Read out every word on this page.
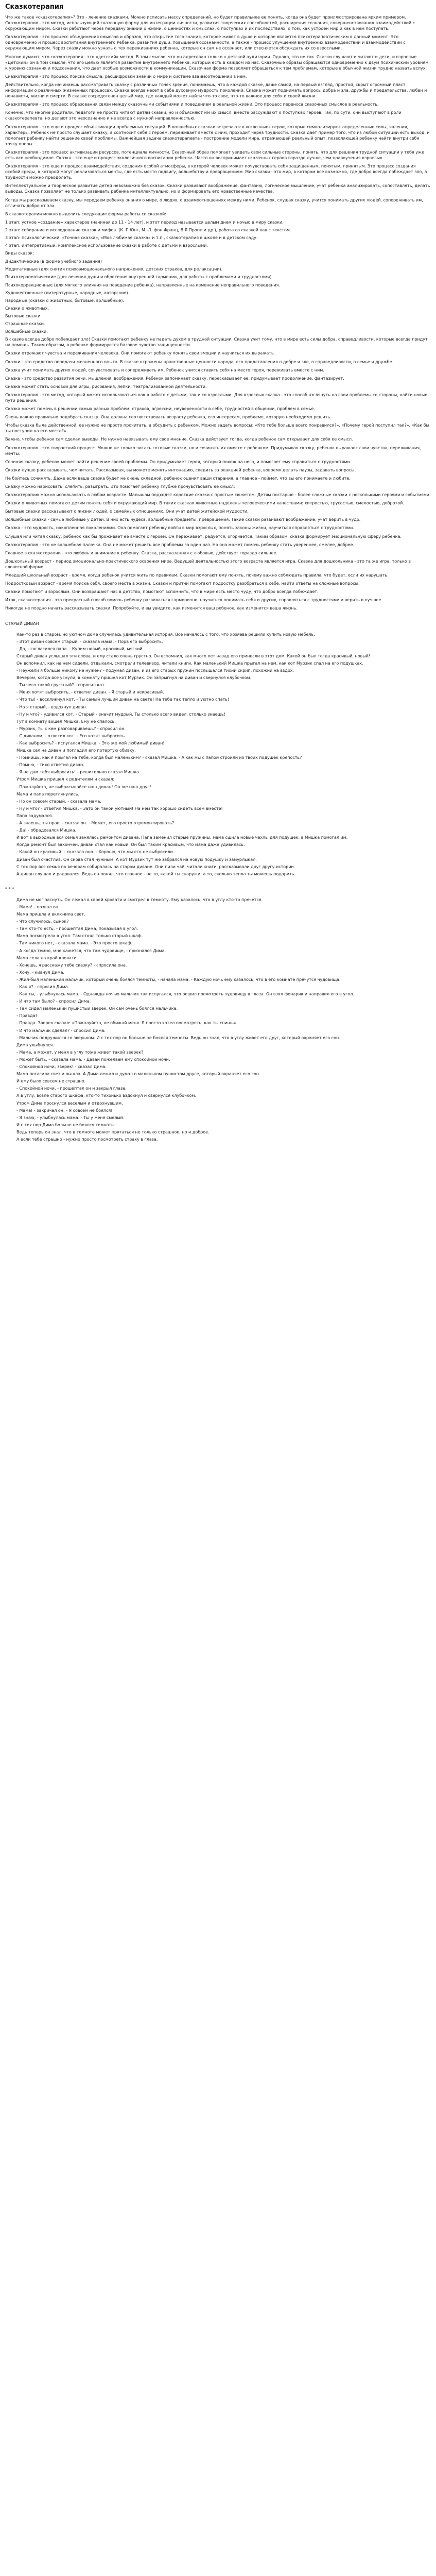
Сказкотерапия

Что же такое «сказкотерапия»? Это - лечение сказками. Можно исписать массу определений, но будет правильнее ее понять, когда она будет проиллюстрирована ярким примером. Сказкотерапия - это метод, использующий сказочную форму для интеграции личности, развития творческих способностей, расширения сознания, совершенствования взаимодействий с окружающим миром. Сказки работают через передачу знаний о жизни, о ценностях и смыслах, о поступках и их последствиях, о том, как устроен мир и как в нем поступать.

Сказкотерапия - это процесс объединения смыслов и образов, это открытие того знания, которое живет в душе и которое является психотерапевтическим в данный момент. Это одновременно и процесс воспитания внутреннего Ребенка, развития души, повышения осознанности, а также - процесс улучшения внутренних взаимодействий и взаимодействий с окружающим миром. Через сказку можно узнать о тех переживаниях ребенка, которые он сам не осознает, или стесняется обсуждать их со взрослыми.

Многие думают, что сказкотерапия - это «детский» метод. В том смысле, что он адресован только к детской аудитории. Однако, это не так. Сказки слушают и читают и дети, и взрослые. «Детский» он в том смысле, что его целью является развитие внутреннего Ребенка, который есть в каждом из нас. Сказочные образы обращаются одновременно к двум психическим уровням: к уровню сознания и подсознания, что дает особые возможности в коммуникации. Сказочная форма позволяет обращаться к тем проблемам, которые в обычной жизни трудно назвать вслух.

Сказкотерапия - это процесс поиска смысла, расшифровки знаний о мире и системе взаимоотношений в нем.

Действительно, когда начинаешь рассматривать сказку с различных точек зрения, понимаешь, что в каждой сказке, даже самой, на первый взгляд, простой, скрыт огромный пласт информации о различных жизненных процессах. Сказка всегда несет в себе духовную мудрость поколений. Сказка может поднимать вопросы добра и зла, дружбы и предательства, любви и ненависти, жизни и смерти. В сказке сосредоточен целый мир, где каждый может найти что-то свое, что-то важное для себя и своей жизни.

Сказкотерапия - это процесс образования связи между сказочными событиями и поведением в реальной жизни. Это процесс переноса сказочных смыслов в реальность.

Конечно, что многие родители, педагоги не просто читают детям сказки, но и объясняют им их смысл, вместе рассуждают о поступках героев. Так, по сути, они выступают в роли сказкотерапевта, но делают это неосознанно и не всегда с нужной направленностью.

Сказкотерапия - это еще и процесс объективации проблемных ситуаций. В волшебных сказках встречаются «сквозные» герои, которые символизируют определенные силы, явления, характеры. Ребенок не просто слушает сказку, а соотносит себя с героем, переживает вместе с ним, проходит через трудности. Сказка дает пример того, что из любой ситуации есть выход, и помогает ребенку найти решение своей проблемы. Важнейшая задача сказкотерапевта - построение модели мира, отражающей реальный опыт, позволяющей ребенку найти внутри себя точку опоры.

Сказкотерапия - это процесс активизации ресурсов, потенциала личности. Сказочный образ помогает увидеть свои сильные стороны, понять, что для решения трудной ситуации у тебя уже есть все необходимое. Сказка - это еще и процесс экологичного воспитания ребенка. Часто он воспринимает сказочных героев гораздо лучше, чем нравоучения взрослых.

Сказкотерапия - это еще и процесс взаимодействия, создания особой атмосферы, в которой человек может почувствовать себя защищенным, понятым, принятым. Это процесс создания особой среды, в которой могут реализоваться мечты, где есть место подвигу, волшебству и превращениям. Мир сказки - это мир, в котором все возможно, где добро всегда побеждает зло, а трудности можно преодолеть.

Интеллектуальное и творческое развитие детей невозможно без сказок. Сказки развивают воображение, фантазию, логическое мышление, учат ребенка анализировать, сопоставлять, делать выводы. Сказка позволяет не только развивать ребенка интеллектуально, но и формировать его нравственные качества.

Когда мы рассказываем сказку, мы передаем ребенку знания о мире, о людях, о взаимоотношениях между ними. Ребенок, слушая сказку, учится понимать других людей, сопереживать им, отличать добро от зла.

В сказкотерапии можно выделить следующие формы работы со сказкой:

1 этап: устное «создание» характеров (начиная до 11 - 14 лет), и этот период называется целым днем и ночью в миру сказки.

2 этап: собирание и исследование сказок и мифов. (К.-Г.Юнг, М.-Л. фон Франц, В.Я.Пропп и др.), работа со сказкой как с текстом.

3 этап: психологический: «Точная сказка», «Моя любимая сказка» и т.п., сказкотерапия в школе и в детском саду.

4 этап: интегративный: комплексное использование сказки в работе с детьми и взрослыми.

Виды сказок:

Дидактические (в форме учебного задания)

Медитативные (для снятия психоэмоционального напряжения, детских страхов, для релаксации).

Психотерапевтические (для лечения души и обретения внутренней гармонии, для работы с проблемами и трудностями).

Психокоррекционные (для мягкого влияния на поведение ребенка), направленные на изменение неправильного поведения.

Художественные (литературные, народные, авторские).

Народные (сказки о животных, бытовые, волшебные).

Сказки о животных.

Бытовые сказки.

Страшные сказки.

Волшебные сказки.

В сказке всегда добро побеждает зло! Сказки помогают ребенку не падать духом в трудной ситуации. Сказка учит тому, что в мире есть силы добра, справедливости, которые всегда придут на помощь. Таким образом, в ребенке формируется базовое чувство защищенности.

Сказки отражают чувства и переживания человека. Они помогают ребенку понять свои эмоции и научиться их выражать.

Сказки - это средство передачи жизненного опыта. В сказке отражены нравственные ценности народа, его представления о добре и зле, о справедливости, о семье и дружбе.

Сказка учит понимать других людей, сочувствовать и сопереживать им. Ребенок учится ставить себя на место героя, переживать вместе с ним.

Сказка - это средство развития речи, мышления, воображения. Ребенок запоминает сказку, пересказывает ее, придумывает продолжение, фантазирует.

Сказка может стать основой для игры, рисования, лепки, театрализованной деятельности.

Сказкотерапия - это метод, который может использоваться как в работе с детьми, так и со взрослыми. Для взрослых сказка - это способ взглянуть на свои проблемы со стороны, найти новые пути решения.

Сказка может помочь в решении самых разных проблем: страхов, агрессии, неуверенности в себе, трудностей в общении, проблем в семье.

Очень важно правильно подобрать сказку. Она должна соответствовать возрасту ребенка, его интересам, проблеме, которую необходимо решить.

Чтобы сказка была действенной, ее нужно не просто прочитать, а обсудить с ребенком. Можно задать вопросы: «Кто тебе больше всего понравился?», «Почему герой поступил так?», «Как бы ты поступил на его месте?».

Важно, чтобы ребенок сам сделал выводы. Не нужно навязывать ему свое мнение. Сказка действует тогда, когда ребенок сам открывает для себя ее смысл.

Сказкотерапия - это творческий процесс. Можно не только читать готовые сказки, но и сочинять их вместе с ребенком. Придумывая сказку, ребенок выражает свои чувства, переживания, мечты.

Сочиняя сказку, ребенок может найти решение своей проблемы. Он придумывает героя, который похож на него, и помогает ему справиться с трудностями.

Сказки лучше рассказывать, чем читать. Рассказывая, вы можете менять интонацию, следить за реакцией ребенка, вовремя делать паузы, задавать вопросы.

Не бойтесь сочинять. Даже если ваша сказка будет не очень складной, ребенок оценит ваши старания, а главное - поймет, что вы его понимаете и любите.

Сказку можно нарисовать, слепить, разыграть. Это помогает ребенку глубже прочувствовать ее смысл.

Сказкотерапию можно использовать в любом возрасте. Малышам подходят короткие сказки с простым сюжетом. Детям постарше - более сложные сказки с несколькими героями и событиями.

Сказки о животных помогают детям понять себя и окружающий мир. В таких сказках животные наделены человеческими качествами: хитростью, трусостью, смелостью, добротой.

Бытовые сказки рассказывают о жизни людей, о семейных отношениях. Они учат детей житейской мудрости.

Волшебные сказки - самые любимые у детей. В них есть чудеса, волшебные предметы, превращения. Такие сказки развивают воображение, учат верить в чудо.

Сказка - это мудрость, накопленная поколениями. Она помогает ребенку войти в мир взрослых, понять законы жизни, научиться справляться с трудностями.

Слушая или читая сказку, ребенок как бы проживает ее вместе с героем. Он переживает, радуется, огорчается. Таким образом, сказка формирует эмоциональную сферу ребенка.

Сказкотерапия - это не волшебная палочка. Она не может решить все проблемы за один раз. Но она может помочь ребенку стать увереннее, смелее, добрее.

Главное в сказкотерапии - это любовь и внимание к ребенку. Сказка, рассказанная с любовью, действует гораздо сильнее.

Дошкольный возраст - период эмоционально-практического освоения мира. Ведущей деятельностью этого возраста является игра. Сказка для дошкольника - это та же игра, только в словесной форме.

Младший школьный возраст - время, когда ребенок учится жить по правилам. Сказки помогают ему понять, почему важно соблюдать правила, что будет, если их нарушать.

Подростковый возраст - время поиска себя, своего места в жизни. Сказки и притчи помогают подростку разобраться в себе, найти ответы на сложные вопросы.

Сказки помогают и взрослым. Они возвращают нас в детство, помогают вспомнить, что в мире есть место чуду, что добро всегда побеждает.

Итак, сказкотерапия - это прекрасный способ помочь ребенку развиваться гармонично, научиться понимать себя и других, справляться с трудностями и верить в лучшее.

Никогда не поздно начать рассказывать сказки. Попробуйте, и вы увидите, как изменится ваш ребенок, как изменится ваша жизнь.

СТАРЫЙ ДИВАН

Как-то раз в старом, но уютном доме случилась удивительная история. Все началось с того, что хозяева решили купить новую мебель.

- Этот диван совсем старый, - сказала мама. - Пора его выбросить.

- Да, - согласился папа. - Купим новый, красивый, мягкий.

Старый диван услышал эти слова, и ему стало очень грустно. Он вспомнил, как много лет назад его принесли в этот дом. Какой он был тогда красивый, новый!

Он вспомнил, как на нем сидели, отдыхали, смотрели телевизор, читали книги. Как маленький Мишка прыгал на нем, как кот Мурзик спал на его подушках.

- Неужели я больше никому не нужен? - подумал диван, и из его старых пружин послышался тихий скрип, похожий на вздох.

Вечером, когда все уснули, в комнату пришел кот Мурзик. Он запрыгнул на диван и свернулся клубочком.

- Ты чего такой грустный? - спросил кот.

- Меня хотят выбросить, - ответил диван. - Я старый и некрасивый.

- Что ты! - воскликнул кот. - Ты самый лучший диван на свете! На тебе так тепло и уютно спать!

- Но я старый, - вздохнул диван.

- Ну и что? - удивился кот. - Старый - значит мудрый. Ты столько всего видел, столько знаешь!

Тут в комнату вошел Мишка. Ему не спалось.

- Мурзик, ты с кем разговариваешь? - спросил он.

- С диваном, - ответил кот. - Его хотят выбросить.

- Как выбросить? - испугался Мишка. - Это же мой любимый диван!

Мишка сел на диван и погладил его потертую обивку.

- Помнишь, как я прыгал на тебе, когда был маленьким? - сказал Мишка. - А как мы с папой строили из твоих подушек крепость?

- Помню, - тихо ответил диван.

- Я не дам тебя выбросить! - решительно сказал Мишка.

Утром Мишка пришел к родителям и сказал:

- Пожалуйста, не выбрасывайте наш диван! Он же наш друг!

Мама и папа переглянулись.

- Но он совсем старый, - сказала мама.

- Ну и что? - ответил Мишка. - Зато он такой уютный! На нем так хорошо сидеть всем вместе!

Папа задумался.

- А знаешь, ты прав, - сказал он. - Может, его просто отремонтировать?

- Да! - обрадовался Мишка.

И вот в выходные вся семья занялась ремонтом дивана. Папа заменил старые пружины, мама сшила новые чехлы для подушек, а Мишка помогал им.

Когда ремонт был закончен, диван стал как новый. Он был таким красивым, что мама даже удивилась.

- Какой он красивый! - сказала она. - Хорошо, что мы его не выбросили.

Диван был счастлив. Он снова стал нужным. А кот Мурзик тут же забрался на новую подушку и замурлыкал.

С тех пор вся семья по вечерам собиралась на старом диване. Они пили чай, читали книги, рассказывали друг другу истории.

А диван слушал и радовался. Ведь он понял, что главное - не то, какой ты снаружи, а то, сколько тепла ты можешь подарить.

* * *

Дима не мог заснуть. Он лежал в своей кровати и смотрел в темноту. Ему казалось, что в углу кто-то прячется.

- Мама! - позвал он.

Мама пришла и включила свет.

- Что случилось, сынок?

- Там кто-то есть, - прошептал Дима, показывая в угол.

Мама посмотрела в угол. Там стоял только старый шкаф.

- Там никого нет, - сказала мама. - Это просто шкаф.

- А когда темно, мне кажется, что там чудовище, - признался Дима.

Мама села на край кровати.

- Хочешь, я расскажу тебе сказку? - спросила она.

- Хочу, - кивнул Дима.

- Жил-был маленький мальчик, который очень боялся темноты, - начала мама. - Каждую ночь ему казалось, что в его комнате прячутся чудовища.

- Как я? - спросил Дима.

- Как ты, - улыбнулась мама. - Однажды ночью мальчик так испугался, что решил посмотреть чудовищу в глаза. Он взял фонарик и направил его в угол.

- И что там было? - спросил Дима.

- Там сидел маленький пушистый зверек. Он сам очень боялся мальчика.

- Правда?

- Правда. Зверек сказал: «Пожалуйста, не обижай меня. Я просто хотел посмотреть, как ты спишь».

- И что мальчик сделал? - спросил Дима.

- Мальчик подружился со зверьком. И с тех пор он больше не боялся темноты. Ведь он знал, что в углу живет его друг, который охраняет его сон.

Дима улыбнулся.

- Мама, а может, у меня в углу тоже живет такой зверек?

- Может быть, - сказала мама. - Давай пожелаем ему спокойной ночи.

- Спокойной ночи, зверек! - сказал Дима.

Мама погасила свет и вышла. А Дима лежал и думал о маленьком пушистом друге, который охраняет его сон.

И ему было совсем не страшно.

- Спокойной ночи, - прошептал он и закрыл глаза.

А в углу, возле старого шкафа, кто-то тихонько вздохнул и свернулся клубочком.

Утром Дима проснулся веселым и отдохнувшим.

- Мама! - закричал он. - Я совсем не боялся!

- Я знаю, - улыбнулась мама. - Ты у меня смелый.

И с тех пор Дима больше не боялся темноты.

Ведь теперь он знал, что в темноте может прятаться не только страшное, но и доброе.

А если тебе страшно - нужно просто посмотреть страху в глаза.
